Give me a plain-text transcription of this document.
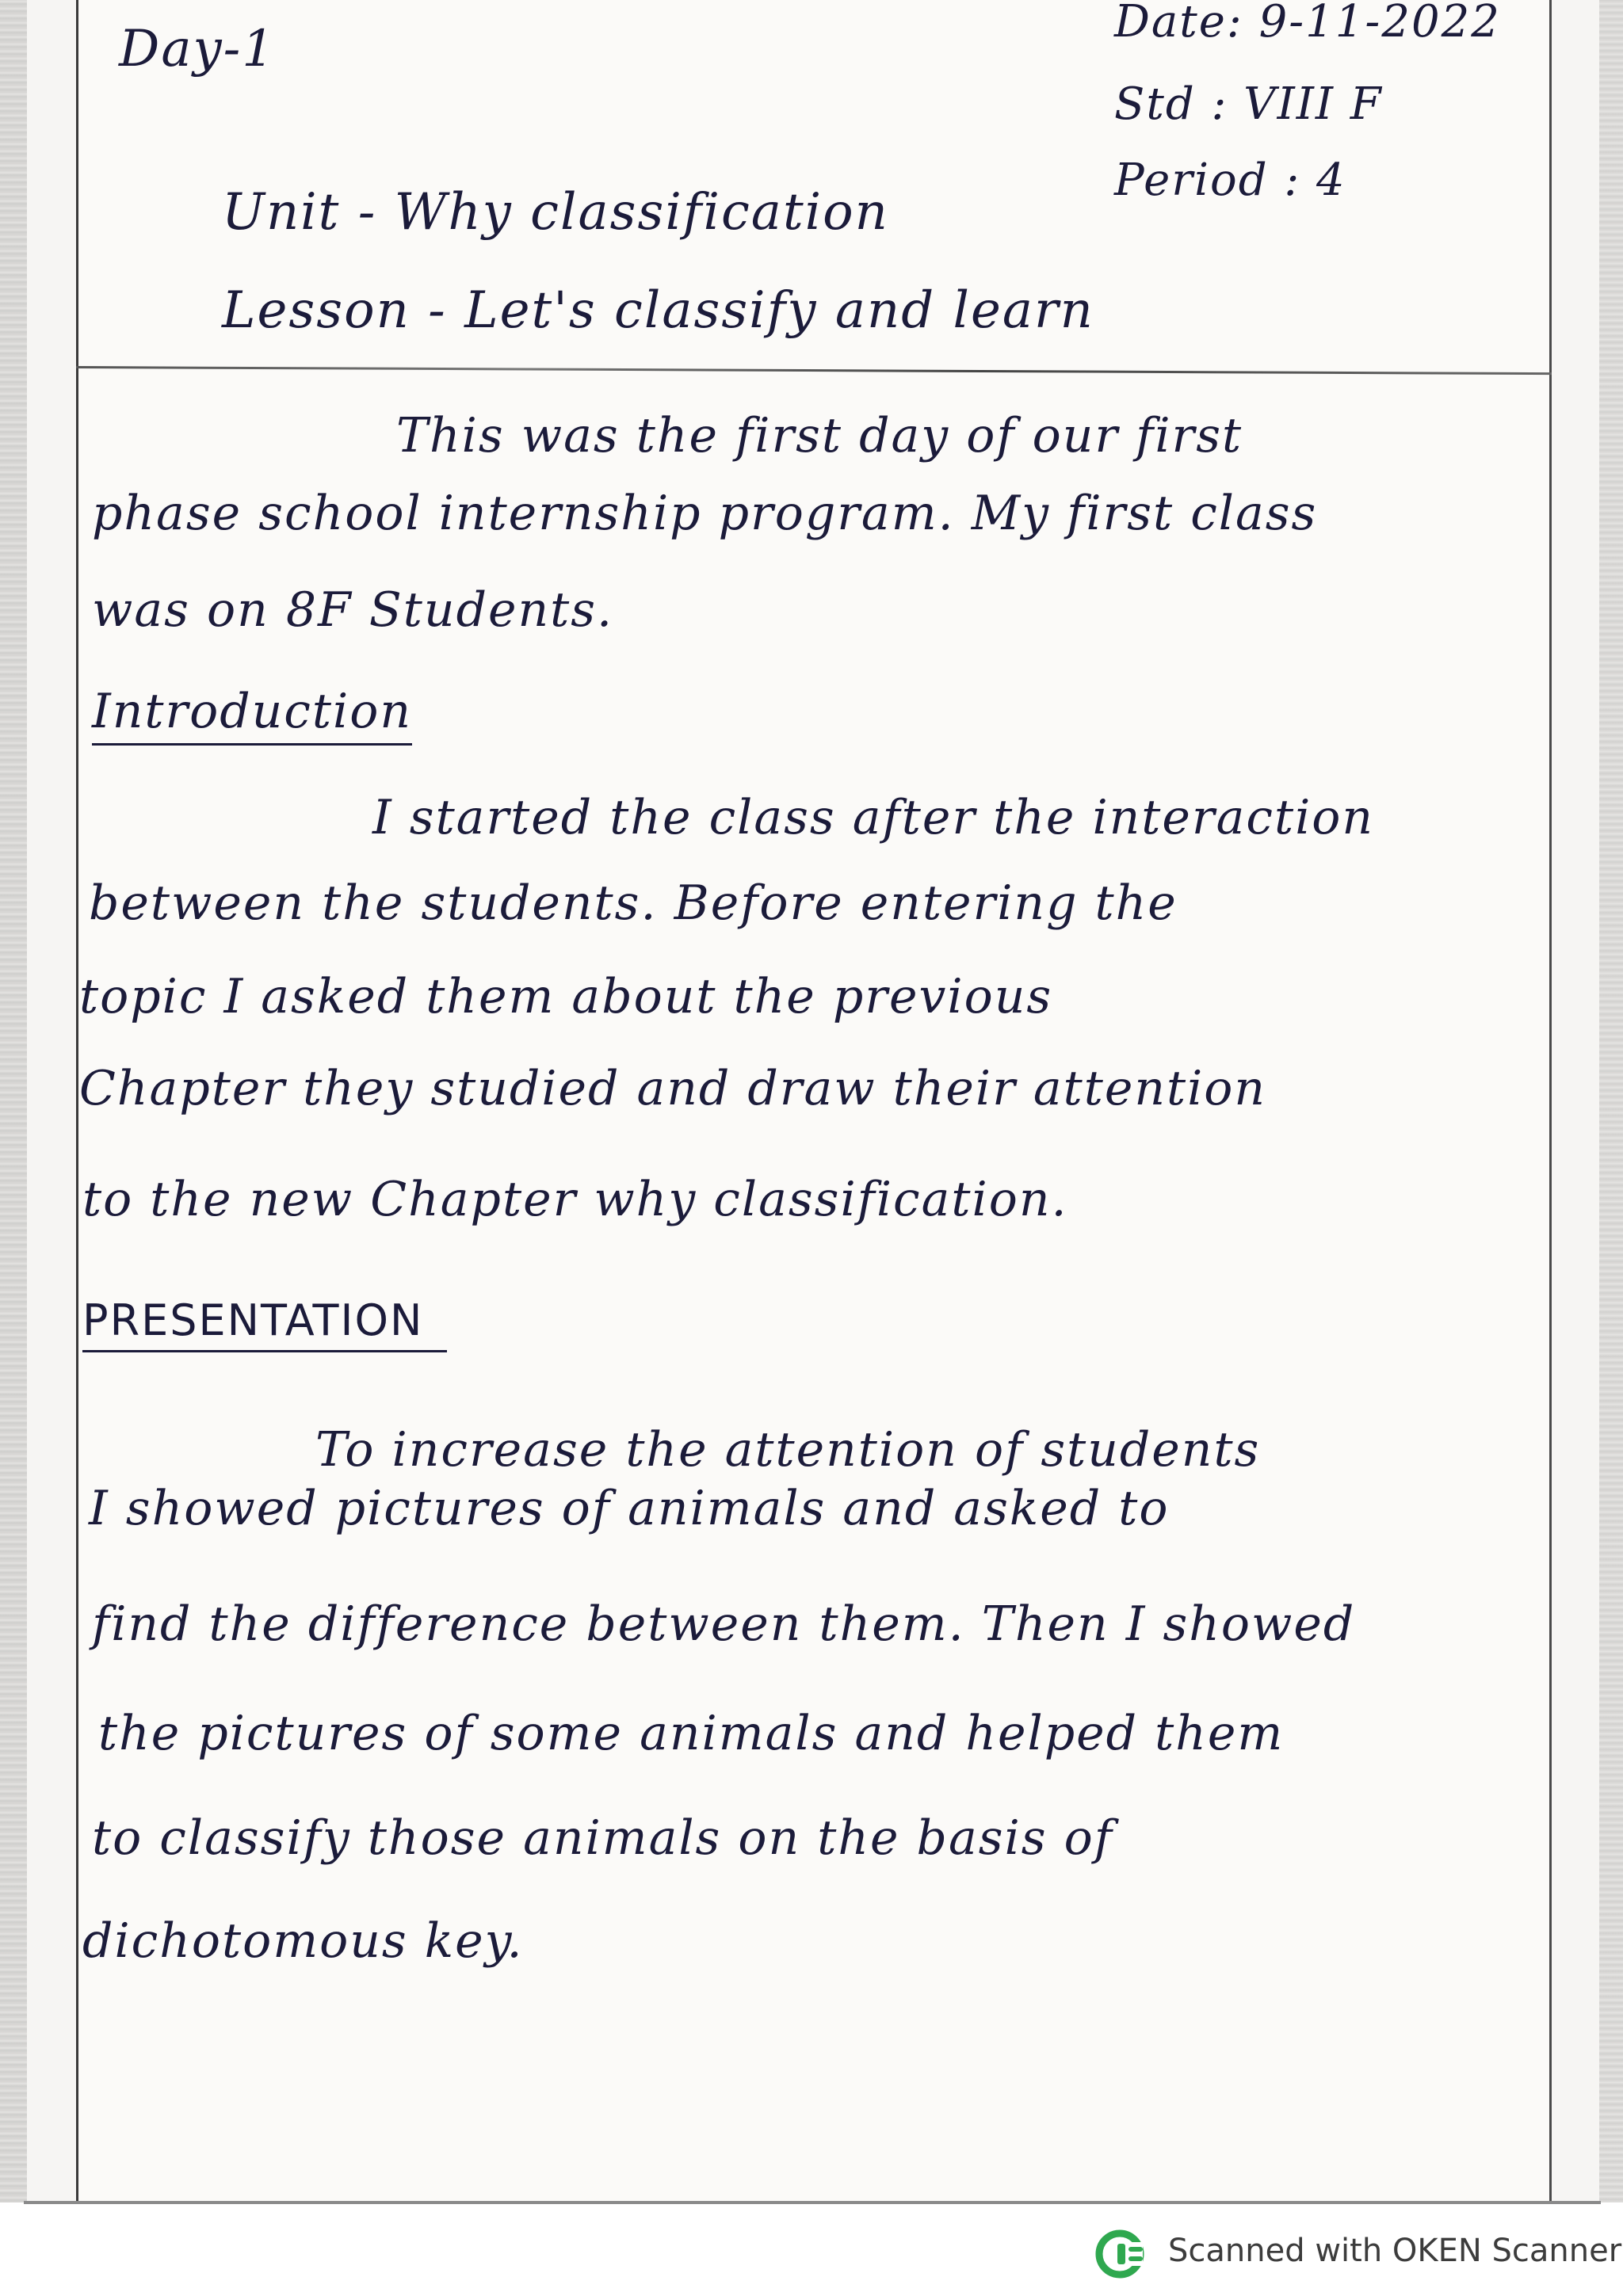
Day-1	Date: 9-11-2022
Std : VIII F
Period : 4
Unit - Why classification
Lesson - Let's classify and learn
This was the first day of our first
phase school internship program. My first class
was on 8F Students.
Introduction
I started the class after the interaction
between the students. Before entering the
topic I asked them about the previous
Chapter they studied and draw their attention
to the new Chapter why classification.
PRESENTATION
To increase the attention of students
I showed pictures of animals and asked to
find the difference between them. Then I showed
the pictures of some animals and helped them
to classify those animals on the basis of
dichotomous key.
Scanned with OKEN Scanner
